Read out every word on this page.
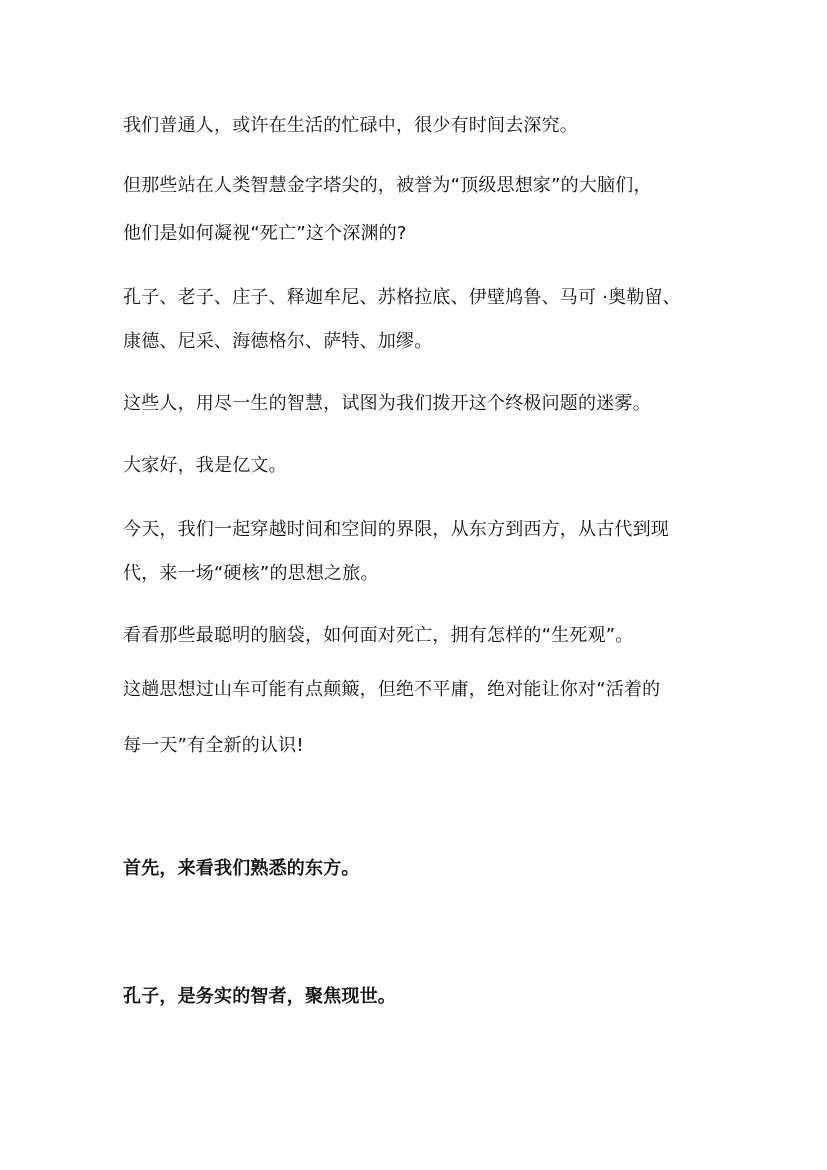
我们普通人，或许在生活的忙碌中，很少有时间去深究。

但那些站在人类智慧金字塔尖的，被誉为“顶级思想家”的大脑们，

他们是如何凝视“死亡”这个深渊的?

孔子、老子、庄子、释迦牟尼、苏格拉底、伊壁鸠鲁、马可 ·奥勒留、

康德、尼采、海德格尔、萨特、加缪。

这些人，用尽一生的智慧，试图为我们拨开这个终极问题的迷雾。

大家好，我是亿文。

今天，我们一起穿越时间和空间的界限，从东方到西方，从古代到现

代，来一场“硬核”的思想之旅。

看看那些最聪明的脑袋，如何面对死亡，拥有怎样的“生死观”。

这趟思想过山车可能有点颠簸，但绝不平庸，绝对能让你对“活着的

每一天”有全新的认识!

首先，来看我们熟悉的东方。

孔子，是务实的智者，聚焦现世。
